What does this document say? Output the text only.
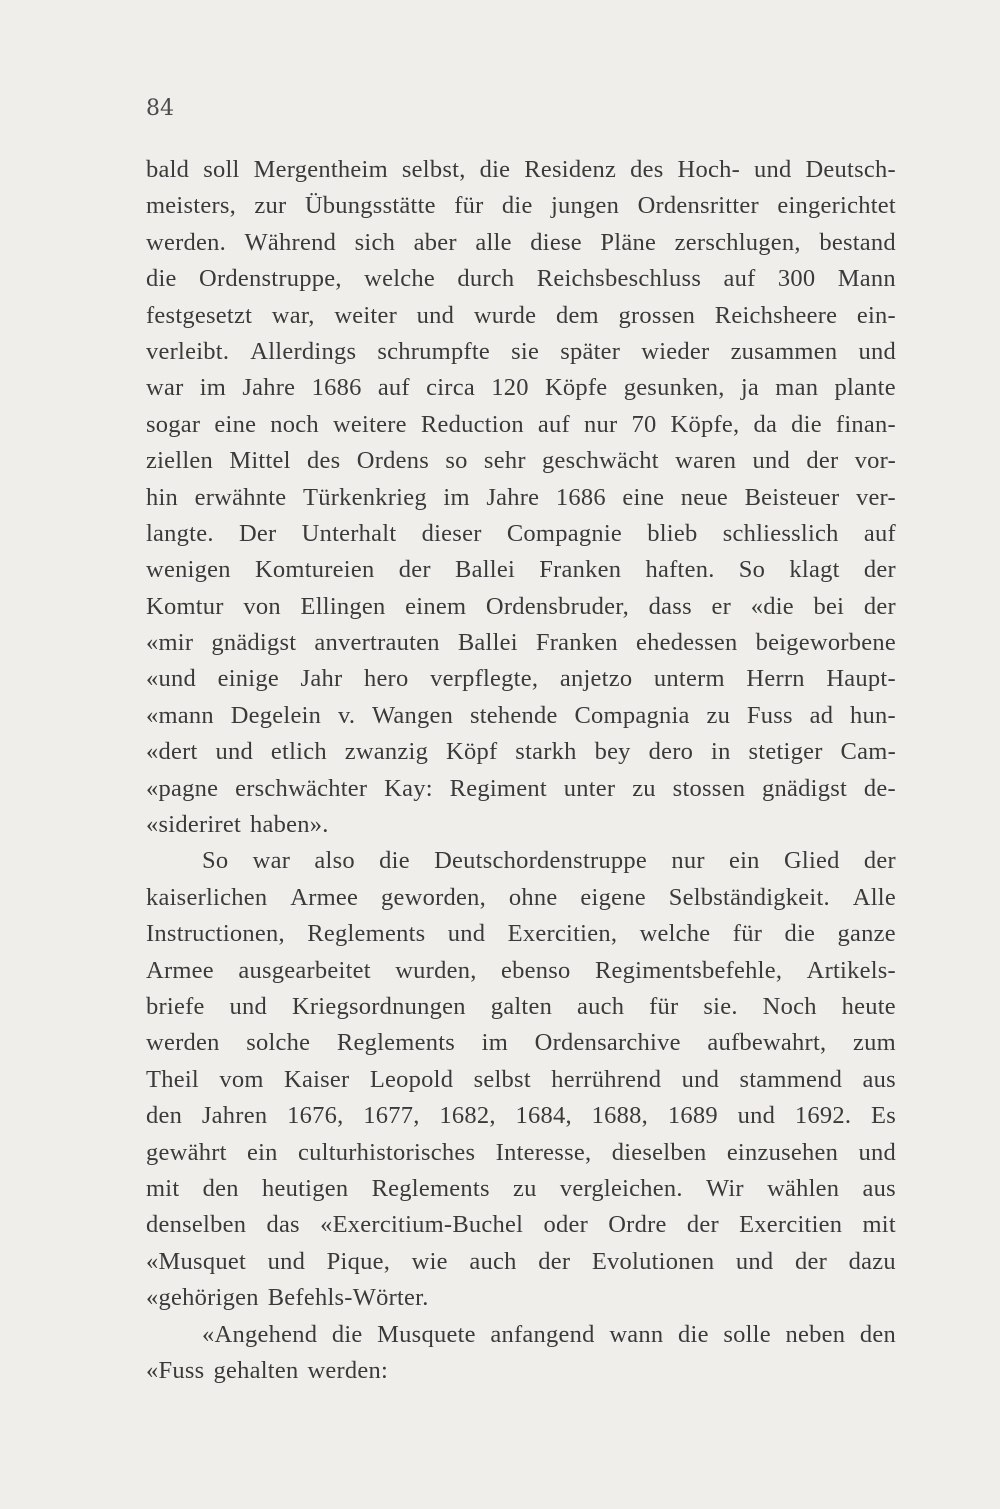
84
bald soll Mergentheim selbst, die Residenz des Hoch- und Deutsch-
meisters, zur Übungsstätte für die jungen Ordensritter eingerichtet
werden. Während sich aber alle diese Pläne zerschlugen, bestand
die Ordenstruppe, welche durch Reichsbeschluss auf 300 Mann
festgesetzt war, weiter und wurde dem grossen Reichsheere ein-
verleibt. Allerdings schrumpfte sie später wieder zusammen und
war im Jahre 1686 auf circa 120 Köpfe gesunken, ja man plante
sogar eine noch weitere Reduction auf nur 70 Köpfe, da die finan-
ziellen Mittel des Ordens so sehr geschwächt waren und der vor-
hin erwähnte Türkenkrieg im Jahre 1686 eine neue Beisteuer ver-
langte. Der Unterhalt dieser Compagnie blieb schliesslich auf
wenigen Komtureien der Ballei Franken haften. So klagt der
Komtur von Ellingen einem Ordensbruder, dass er «die bei der
«mir gnädigst anvertrauten Ballei Franken ehedessen beigeworbene
«und einige Jahr hero verpflegte, anjetzo unterm Herrn Haupt-
«mann Degelein v. Wangen stehende Compagnia zu Fuss ad hun-
«dert und etlich zwanzig Köpf starkh bey dero in stetiger Cam-
«pagne erschwächter Kay: Regiment unter zu stossen gnädigst de-
«sideriret haben».
So war also die Deutschordenstruppe nur ein Glied der
kaiserlichen Armee geworden, ohne eigene Selbständigkeit. Alle
Instructionen, Reglements und Exercitien, welche für die ganze
Armee ausgearbeitet wurden, ebenso Regimentsbefehle, Artikels-
briefe und Kriegsordnungen galten auch für sie. Noch heute
werden solche Reglements im Ordensarchive aufbewahrt, zum
Theil vom Kaiser Leopold selbst herrührend und stammend aus
den Jahren 1676, 1677, 1682, 1684, 1688, 1689 und 1692. Es
gewährt ein culturhistorisches Interesse, dieselben einzusehen und
mit den heutigen Reglements zu vergleichen. Wir wählen aus
denselben das «Exercitium-Buchel oder Ordre der Exercitien mit
«Musquet und Pique, wie auch der Evolutionen und der dazu
«gehörigen Befehls-Wörter.
«Angehend die Musquete anfangend wann die solle neben den
«Fuss gehalten werden:
